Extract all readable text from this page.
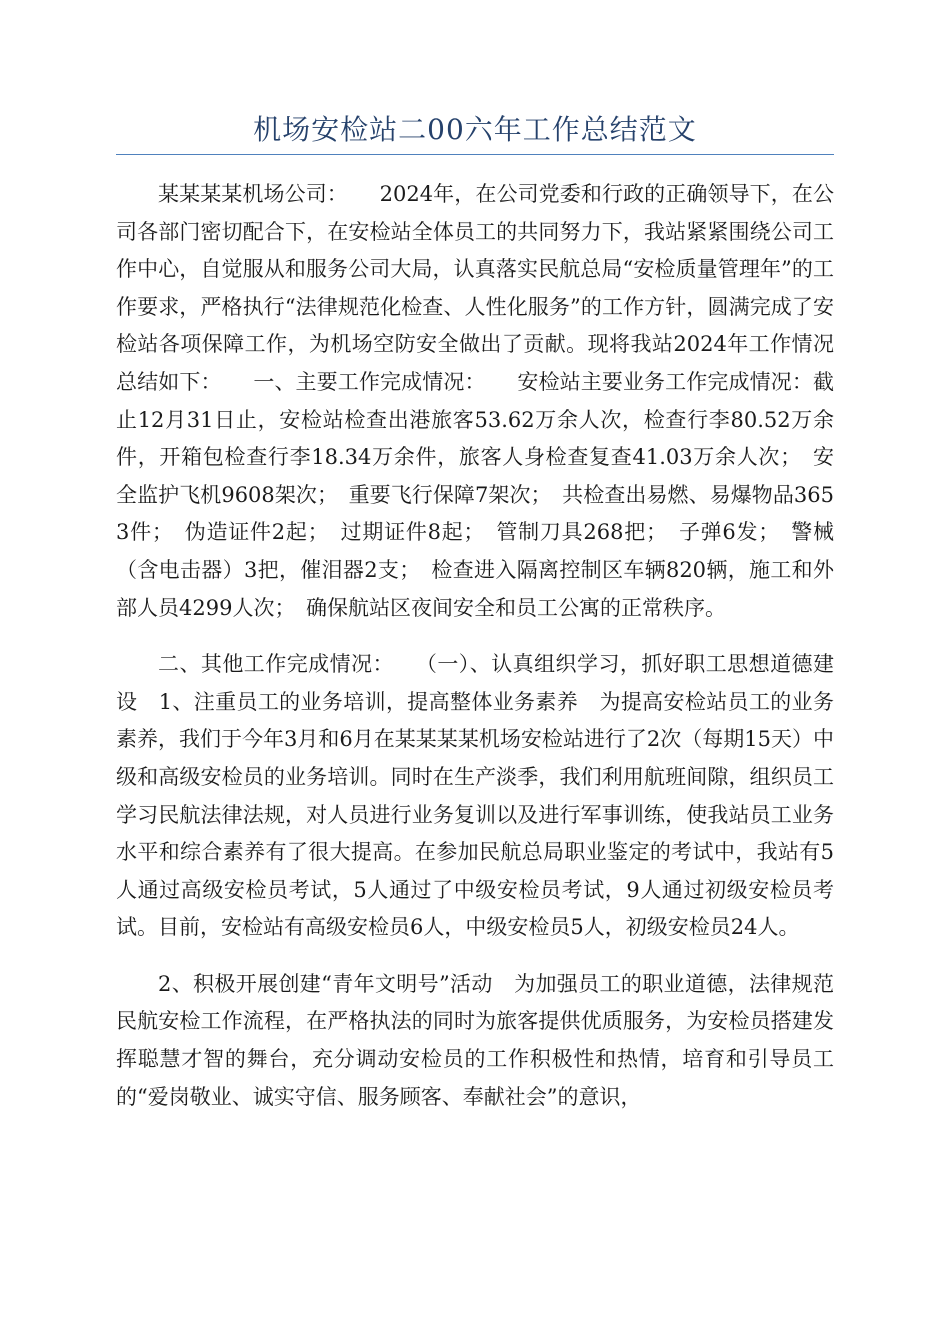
机场安检站二00六年工作总结范文

某某某某机场公司：　　2024年，在公司党委和行政的正确领导下，在公司各部门密切配合下，在安检站全体员工的共同努力下，我站紧紧围绕公司工作中心，自觉服从和服务公司大局，认真落实民航总局“安检质量管理年”的工作要求，严格执行“法律规范化检查、人性化服务”的工作方针，圆满完成了安检站各项保障工作，为机场空防安全做出了贡献。现将我站2024年工作情况总结如下：　　一、主要工作完成情况：　　安检站主要业务工作完成情况：截止12月31日止，安检站检查出港旅客53.62万余人次，检查行李80.52万余件，开箱包检查行李18.34万余件，旅客人身检查复查41.03万余人次；　安全监护飞机9608架次；　重要飞行保障7架次；　共检查出易燃、易爆物品3653件；　伪造证件2起；　过期证件8起；　管制刀具268把；　子弹6发；　警械（含电击器）3把，催泪器2支；　检查进入隔离控制区车辆820辆，施工和外部人员4299人次；　确保航站区夜间安全和员工公寓的正常秩序。

二、其他工作完成情况：　　（一）、认真组织学习，抓好职工思想道德建设　1、注重员工的业务培训，提高整体业务素养　为提高安检站员工的业务素养，我们于今年3月和6月在某某某某机场安检站进行了2次（每期15天）中级和高级安检员的业务培训。同时在生产淡季，我们利用航班间隙，组织员工学习民航法律法规，对人员进行业务复训以及进行军事训练，使我站员工业务水平和综合素养有了很大提高。在参加民航总局职业鉴定的考试中，我站有5人通过高级安检员考试，5人通过了中级安检员考试，9人通过初级安检员考试。目前，安检站有高级安检员6人，中级安检员5人，初级安检员24人。

2、积极开展创建“青年文明号”活动　为加强员工的职业道德，法律规范民航安检工作流程，在严格执法的同时为旅客提供优质服务，为安检员搭建发挥聪慧才智的舞台，充分调动安检员的工作积极性和热情，培育和引导员工的“爱岗敬业、诚实守信、服务顾客、奉献社会”的意识，
